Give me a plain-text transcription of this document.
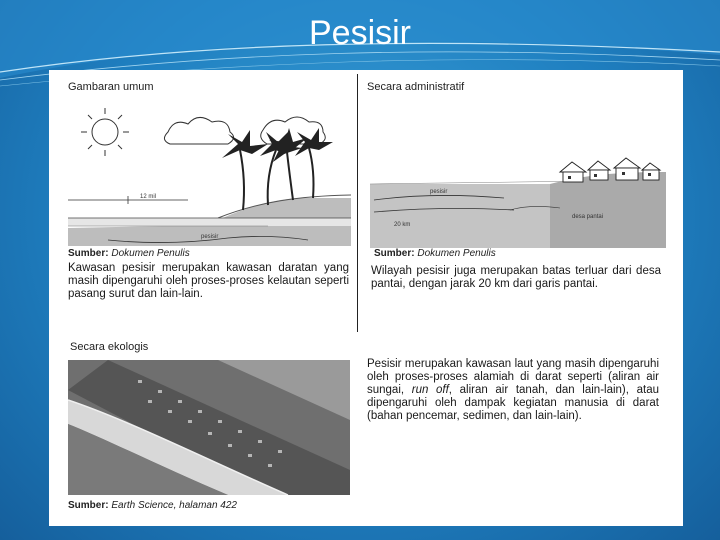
Pesisir
Gambaran umum
12 mil
pesisir
Sumber: Dokumen Penulis
Kawasan pesisir merupakan kawasan daratan yang masih dipengaruhi oleh proses-proses kelautan seperti pasang surut dan lain-lain.
Secara administratif
pesisir
20 km
desa pantai
Sumber: Dokumen Penulis
Wilayah pesisir juga merupakan batas terluar dari desa pantai, dengan jarak 20 km dari garis pantai.
Secara ekologis
Sumber: Earth Science, halaman 422
Pesisir merupakan kawasan laut yang masih dipengaruhi oleh proses-proses alamiah di darat seperti (aliran air sungai, run off, aliran air tanah, dan lain-lain), atau dipengaruhi oleh dampak kegiatan manusia di darat (bahan pencemar, sedimen, dan lain-lain).
